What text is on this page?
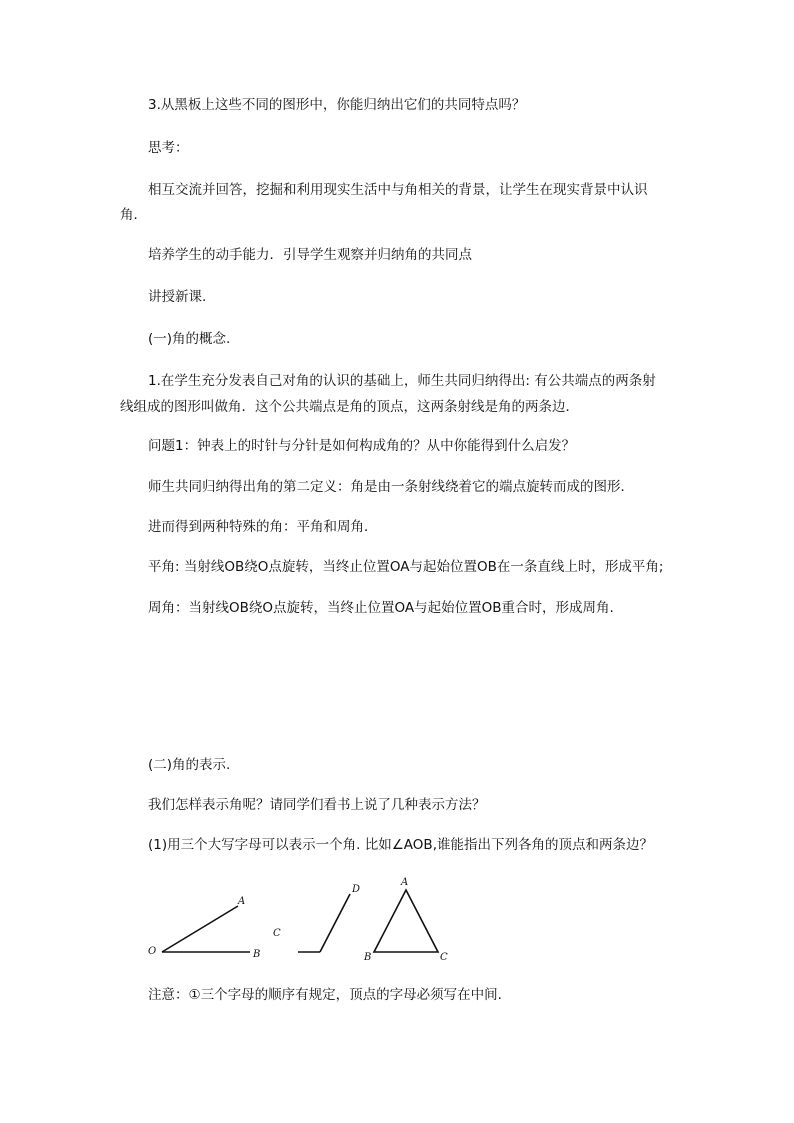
3.从黑板上这些不同的图形中，你能归纳出它们的共同特点吗？
思考：
相互交流并回答，挖掘和利用现实生活中与角相关的背景，让学生在现实背景中认识
角．
培养学生的动手能力．引导学生观察并归纳角的共同点
讲授新课.
(一)角的概念.
1.在学生充分发表自己对角的认识的基础上，师生共同归纳得出: 有公共端点的两条射
线组成的图形叫做角．这个公共端点是角的顶点，这两条射线是角的两条边．
问题1：钟表上的时针与分针是如何构成角的？从中你能得到什么启发？
师生共同归纳得出角的第二定义：角是由一条射线绕着它的端点旋转而成的图形．
进而得到两种特殊的角：平角和周角．
平角: 当射线OB绕O点旋转，当终止位置OA与起始位置OB在一条直线上时，形成平角;
周角：当射线OB绕O点旋转，当终止位置OA与起始位置OB重合时，形成周角.
(二)角的表示.
我们怎样表示角呢？请同学们看书上说了几种表示方法？
(1)用三个大写字母可以表示一个角. 比如∠AOB,谁能指出下列各角的顶点和两条边？
O
A
B
C
D
A
B	C
注意：①三个字母的顺序有规定，顶点的字母必须写在中间.
